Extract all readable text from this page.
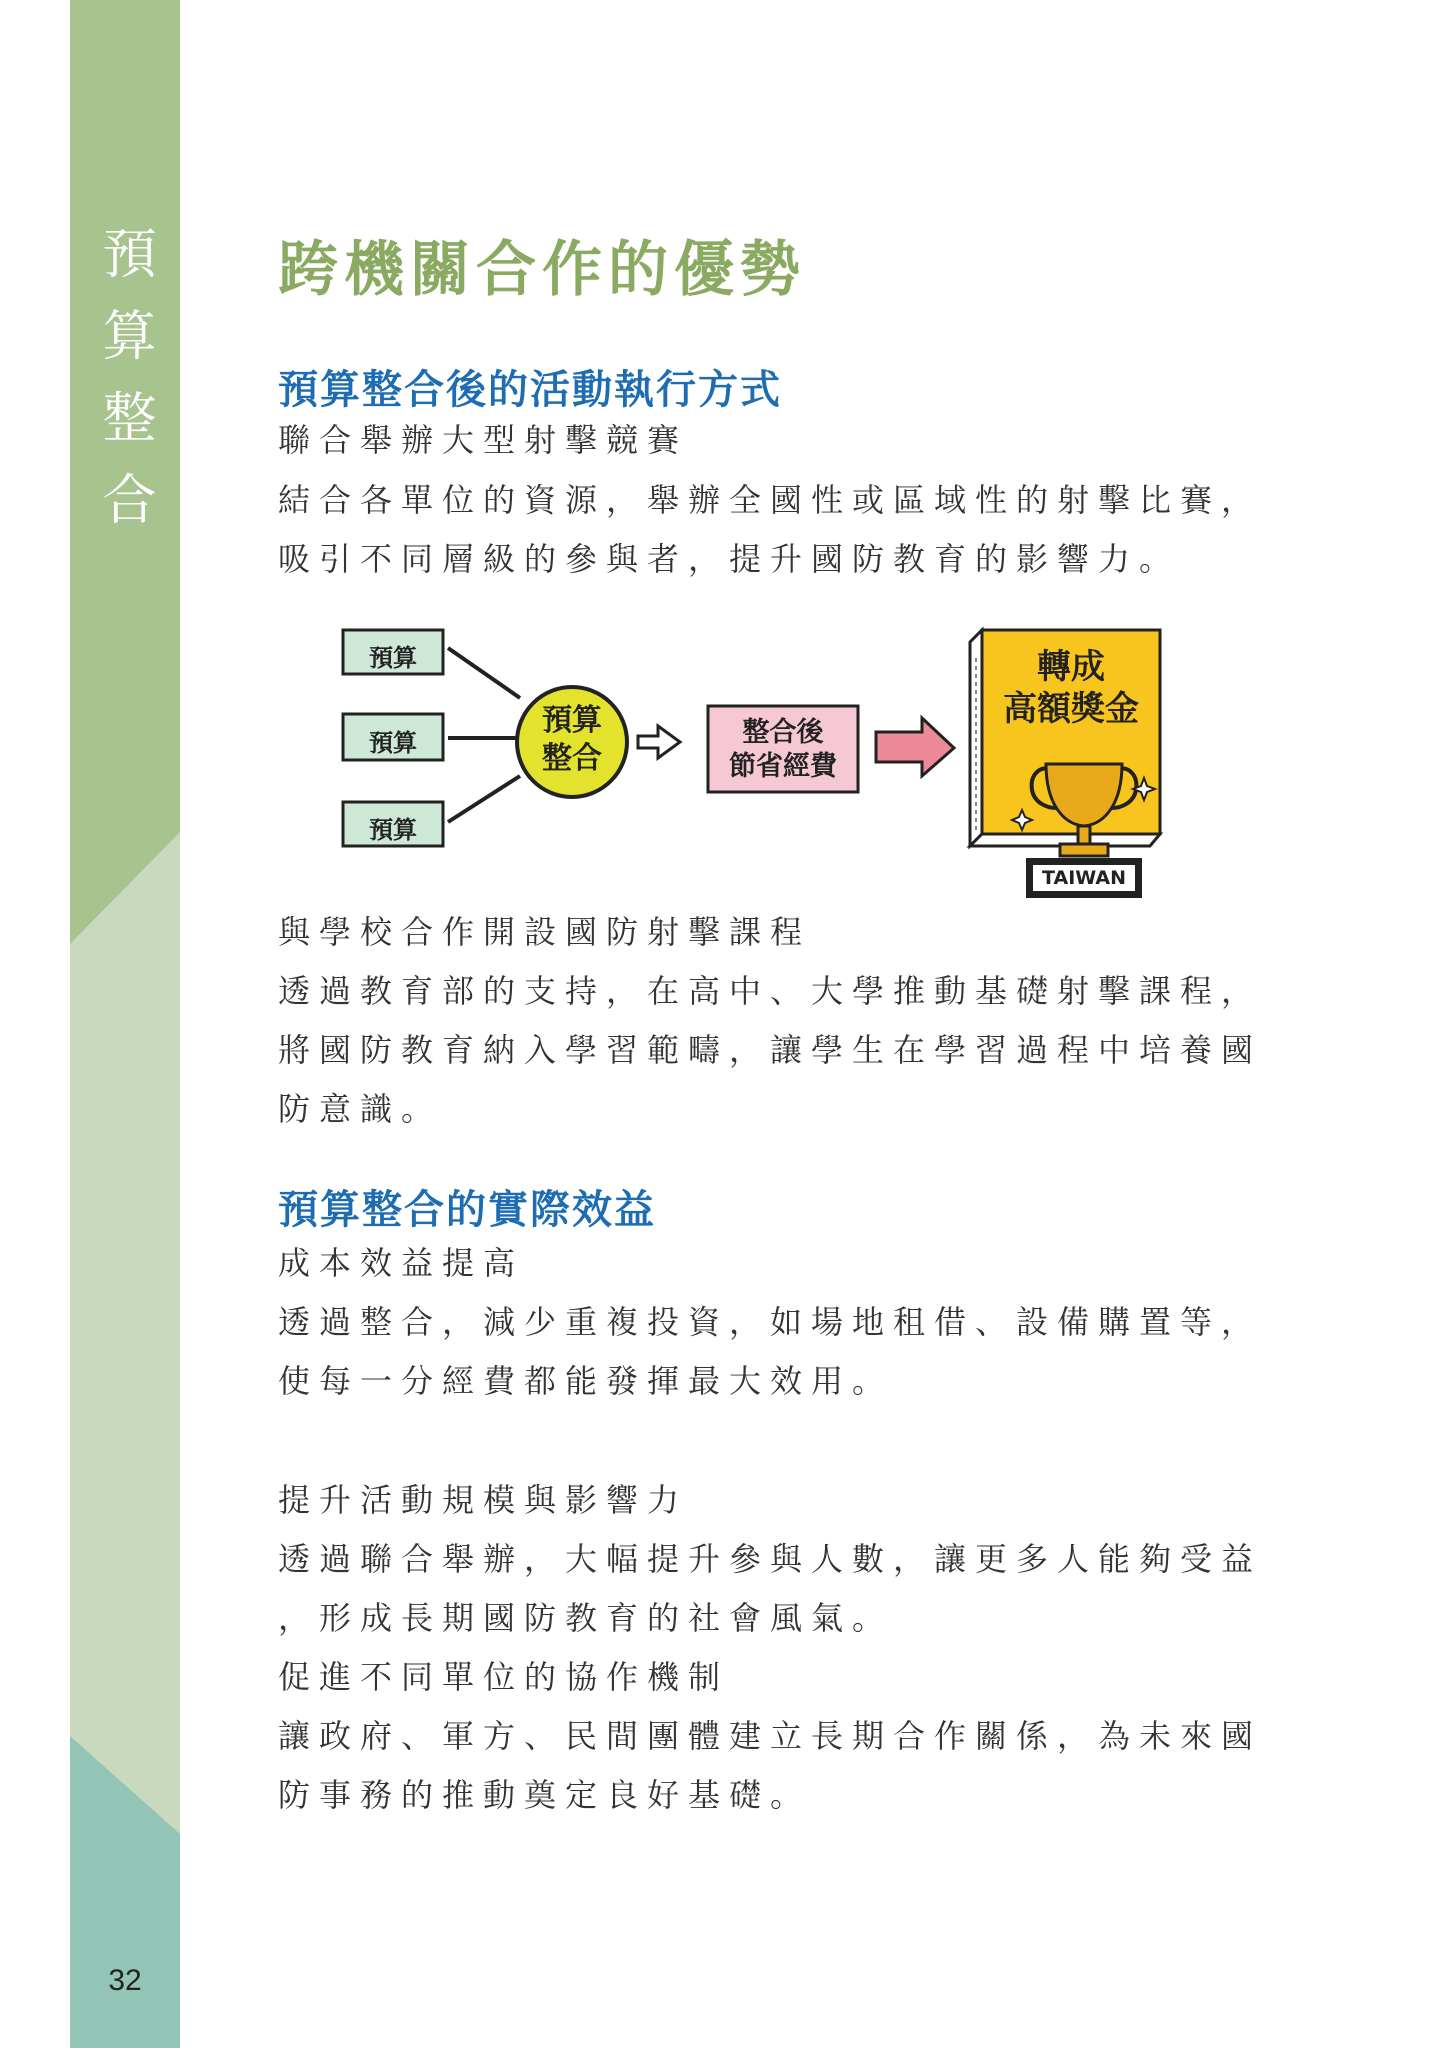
預算整合
32
跨機關合作的優勢
預算整合後的活動執行方式
聯合舉辦大型射擊競賽
結合各單位的資源，舉辦全國性或區域性的射擊比賽，
吸引不同層級的參與者，提升國防教育的影響力。
與學校合作開設國防射擊課程
透過教育部的支持，在高中、大學推動基礎射擊課程，
將國防教育納入學習範疇，讓學生在學習過程中培養國
防意識。
預算整合的實際效益
成本效益提高
透過整合，減少重複投資，如場地租借、設備購置等，
使每一分經費都能發揮最大效用。
提升活動規模與影響力
透過聯合舉辦，大幅提升參與人數，讓更多人能夠受益
，形成長期國防教育的社會風氣。
促進不同單位的協作機制
讓政府、軍方、民間團體建立長期合作關係，為未來國
防事務的推動奠定良好基礎。
預算
預算
預算
預算
整合
整合後
節省經費
轉成
高額獎金
TAIWAN
